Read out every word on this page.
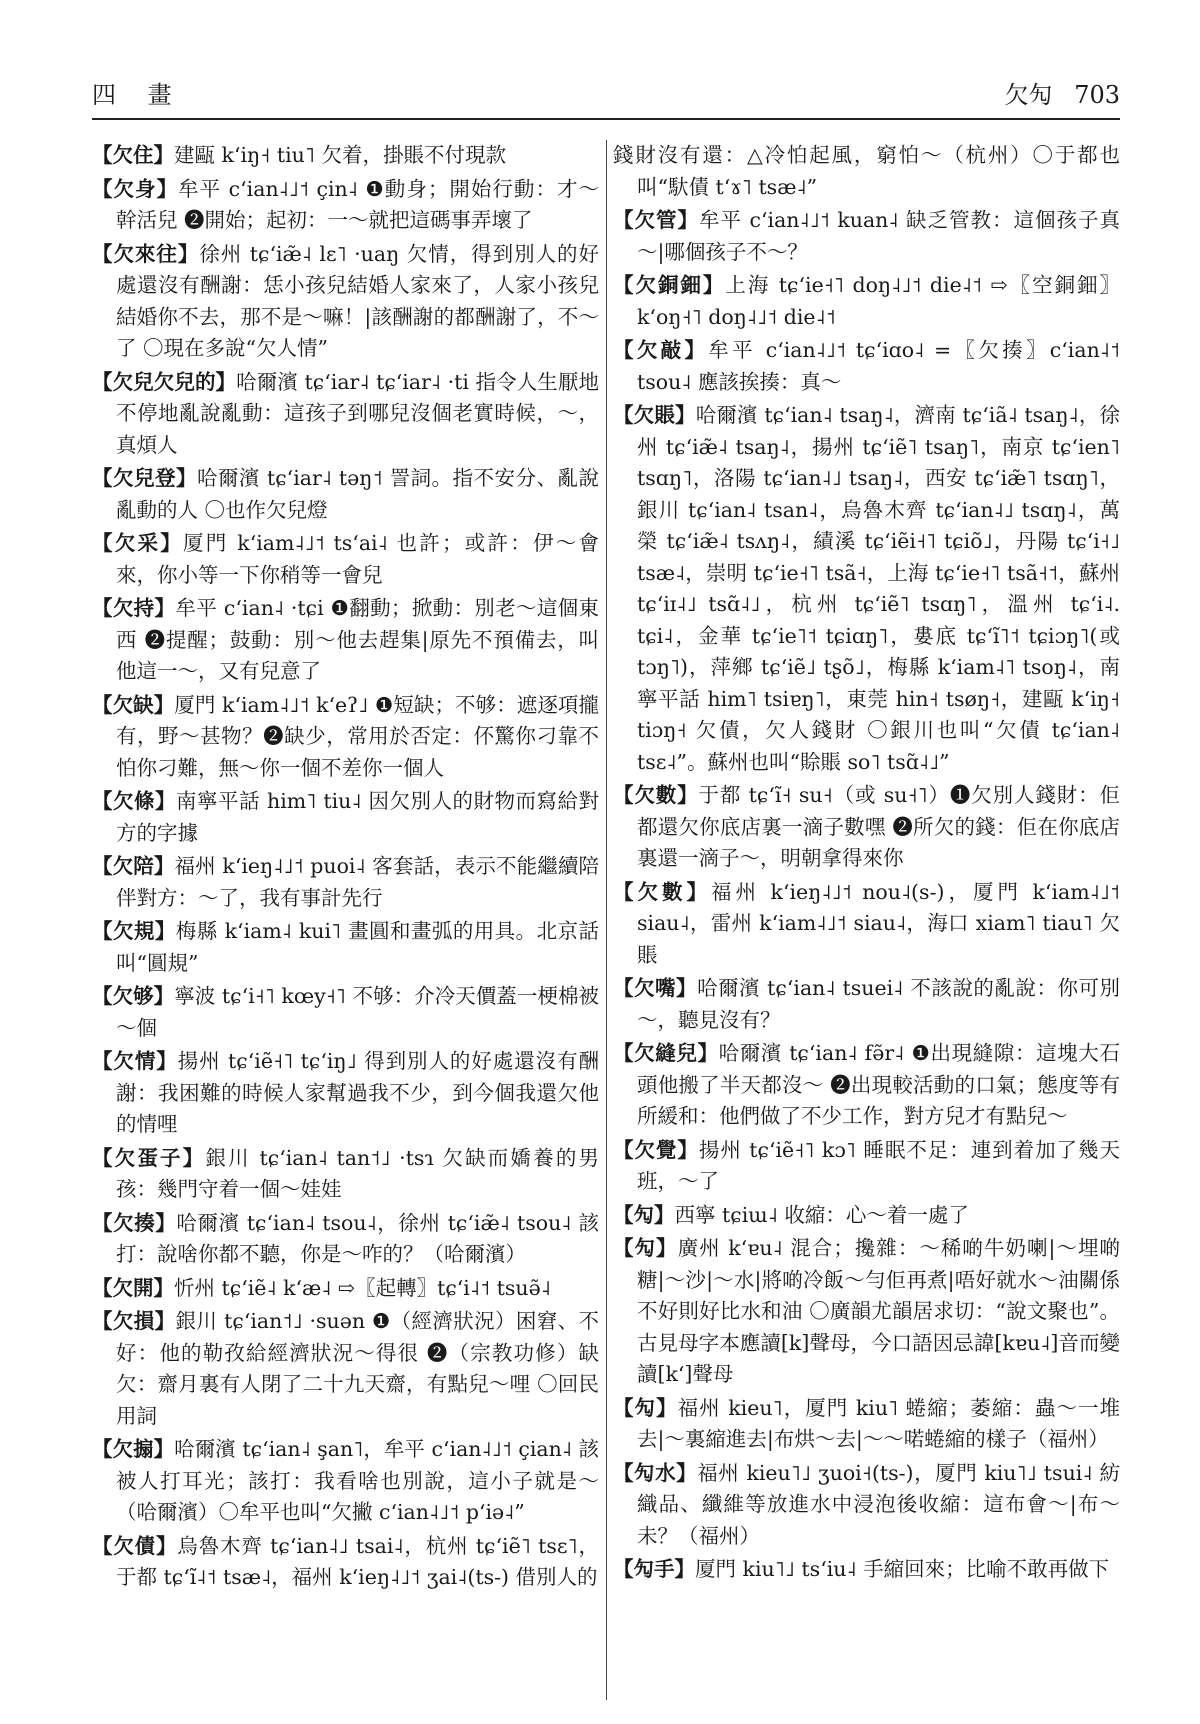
四 畫	欠勼 703

【欠住】建甌 kʻiŋ˧ tiu˥ 欠着，掛賬不付現款

【欠身】牟平 cʻian˨˩˦ çin˨ ❶動身；開始行動：才～幹活兒 ❷開始；起初：一～就把這碼事弄壞了

【欠來往】徐州 tɕʻiæ̃˨ lɛ˥ ·uaŋ 欠情，得到別人的好處還沒有酬謝：恁小孩兒結婚人家來了，人家小孩兒結婚你不去，那不是～嘛！|該酬謝的都酬謝了，不～了 〇現在多說“欠人情”

【欠兒欠兒的】哈爾濱 tɕʻiar˨ tɕʻiar˨ ·ti 指令人生厭地不停地亂說亂動：這孩子到哪兒沒個老實時候，～，真煩人

【欠兒登】哈爾濱 tɕʻiar˨ təŋ˦ 詈詞。指不安分、亂說亂動的人 〇也作欠兒燈

【欠采】厦門 kʻiam˨˩˦ tsʻai˨ 也許；或許：伊～會來，你小等一下你稍等一會兒

【欠持】牟平 cʻian˨ ·tɕi ❶翻動；掀動：別老～這個東西 ❷提醒；鼓動：別～他去趕集|原先不預備去，叫他這一～，又有兒意了

【欠缺】厦門 kʻiam˨˩˦ kʻeʔ˩ ❶短缺；不够：遮逐項攏有，野～甚物？❷缺少，常用於否定：伓驚你刁靠不怕你刁難，無～你一個不差你一個人

【欠條】南寧平話 him˥ tiu˨ 因欠別人的財物而寫給對方的字據

【欠陪】福州 kʻieŋ˨˩˦ puoi˨ 客套話，表示不能繼續陪伴對方：～了，我有事計先行

【欠規】梅縣 kʻiam˨ kui˥ 畫圓和畫弧的用具。北京話叫“圓規”

【欠够】寧波 tɕʻi˧˥ kœy˧˥ 不够：介冷天價蓋一梗棉被～個

【欠情】揚州 tɕʻiẽ˧˥ tɕʻiŋ˩ 得到別人的好處還沒有酬謝：我困難的時候人家幫過我不少，到今個我還欠他的情哩

【欠蛋子】銀川 tɕʻian˨ tan˦˩ ·tsɿ 欠缺而嬌養的男孩：幾門守着一個～娃娃

【欠揍】哈爾濱 tɕʻian˨ tsou˨，徐州 tɕʻiæ̃˨ tsou˨ 該打：說啥你都不聽，你是～咋的？（哈爾濱）

【欠開】忻州 tɕʻiẽ˨ kʻæ˨ ⇨〖起轉〗tɕʻi˨˦ tsuə̃˨

【欠損】銀川 tɕʻian˦˩ ·suən ❶（經濟狀況）困窘、不好：他的勒孜給經濟狀況～得很 ❷（宗教功修）缺欠：齋月裏有人閉了二十九天齋，有點兒～哩 〇回民用詞

【欠搧】哈爾濱 tɕʻian˨ şan˥，牟平 cʻian˨˩˦ çian˨ 該被人打耳光；該打：我看啥也別說，這小子就是～（哈爾濱）〇牟平也叫“欠撇 cʻian˨˩˦ pʻiə˨”

【欠債】烏魯木齊 tɕʻian˨˩ tsai˨，杭州 tɕʻiẽ˥ tsɛ˥，于都 tɕʻĩ˨˦ tsæ˨，福州 kʻieŋ˨˩˦ ʒai˨(ts-) 借別人的

錢財沒有還：△冷怕起風，窮怕～（杭州）〇于都也叫“馱債 tʻɤ˥ tsæ˨”

【欠管】牟平 cʻian˨˩˦ kuan˨ 缺乏管教：這個孩子真～|哪個孩子不～？

【欠銅鈿】上海 tɕʻie˧˥ doŋ˨˩˦ die˨˦ ⇨〖空銅鈿〗kʻoŋ˧˥ doŋ˨˩˦ die˨˦

【欠敲】牟平 cʻian˨˩˦ tɕʻiɑo˨ =〖欠揍〗cʻian˨˦ tsou˨ 應該挨揍：真～

【欠賬】哈爾濱 tɕʻian˨ tsaŋ˨，濟南 tɕʻiã˨ tsaŋ˨，徐州 tɕʻiæ̃˨ tsaŋ˨，揚州 tɕʻiẽ˥ tsaŋ˥，南京 tɕʻien˥ tsɑŋ˥，洛陽 tɕʻian˨˩ tsaŋ˨，西安 tɕʻiæ̃˥ tsɑŋ˥，銀川 tɕʻian˨ tsan˨，烏魯木齊 tɕʻian˨˩ tsɑŋ˨，萬榮 tɕʻiæ̃˨ tsʌŋ˨，績溪 tɕʻiẽi˧˥ tɕiõ˩，丹陽 tɕʻi˧˩ tsæ˨，崇明 tɕʻie˧˥ tsã˧，上海 tɕʻie˧˥ tsã˧˦，蘇州 tɕʻiɪ˨˩ tsɑ̃˨˩，杭州 tɕʻiẽ˥ tsɑŋ˥，溫州 tɕʻi˨. tɕi˨，金華 tɕʻie˥˦ tɕiɑŋ˥，婁底 tɕʻĩ˥˦ tɕiɔŋ˥(或tɔŋ˥)，萍鄉 tɕʻiẽ˩ tʂõ˩，梅縣 kʻiam˨˥ tsoŋ˨，南寧平話 him˥ tsiɐŋ˥，東莞 hin˧ tsøŋ˧，建甌 kʻiŋ˧ tiɔŋ˧ 欠債，欠人錢財 〇銀川也叫“欠債 tɕʻian˨ tsɛ˨”。蘇州也叫“賒賬 so˥ tsɑ̃˨˩”

【欠數】于都 tɕʻĩ˧ su˧（或 su˧˥）❶欠別人錢財：佢都還欠你底店裏一滴子數嘿 ❷所欠的錢：佢在你底店裏還一滴子～，明朝拿得來你

【欠數】福州 kʻieŋ˨˩˦ nou˨(s-)，厦門 kʻiam˨˩˦ siau˨，雷州 kʻiam˨˩˦ siau˨，海口 xiam˥ tiau˥ 欠賬

【欠嘴】哈爾濱 tɕʻian˨ tsuei˨ 不該說的亂說：你可別～，聽見沒有？

【欠縫兒】哈爾濱 tɕʻian˨ fə̃r˨ ❶出現縫隙：這塊大石頭他搬了半天都沒～ ❷出現較活動的口氣；態度等有所緩和：他們做了不少工作，對方兒才有點兒～

【欠覺】揚州 tɕʻiẽ˧˥ kɔ˥ 睡眠不足：連到着加了幾天班，～了

【勼】西寧 tɕiɯ˨ 收縮：心～着一處了

【勼】廣州 kʻɐu˨ 混合；攙雜：～稀啲牛奶喇|～埋啲糖|～沙|～水|將啲冷飯～勻佢再煮|唔好就水～油關係不好則好比水和油 〇廣韻尤韻居求切：“說文聚也”。古見母字本應讀[k]聲母，今口語因忌諱[kɐu˨]音而變讀[kʻ]聲母

【勼】福州 kieu˥，厦門 kiu˥ 蜷縮；萎縮：蟲～一堆去|～裏縮進去|布烘～去|～～喏蜷縮的樣子（福州）

【勼水】福州 kieu˥˩ ʒuoi˧(ts-)，厦門 kiu˥˩ tsui˨ 紡織品、纖維等放進水中浸泡後收縮：這布會～|布～未？（福州）

【勼手】厦門 kiu˥˩ tsʻiu˨ 手縮回來；比喻不敢再做下
